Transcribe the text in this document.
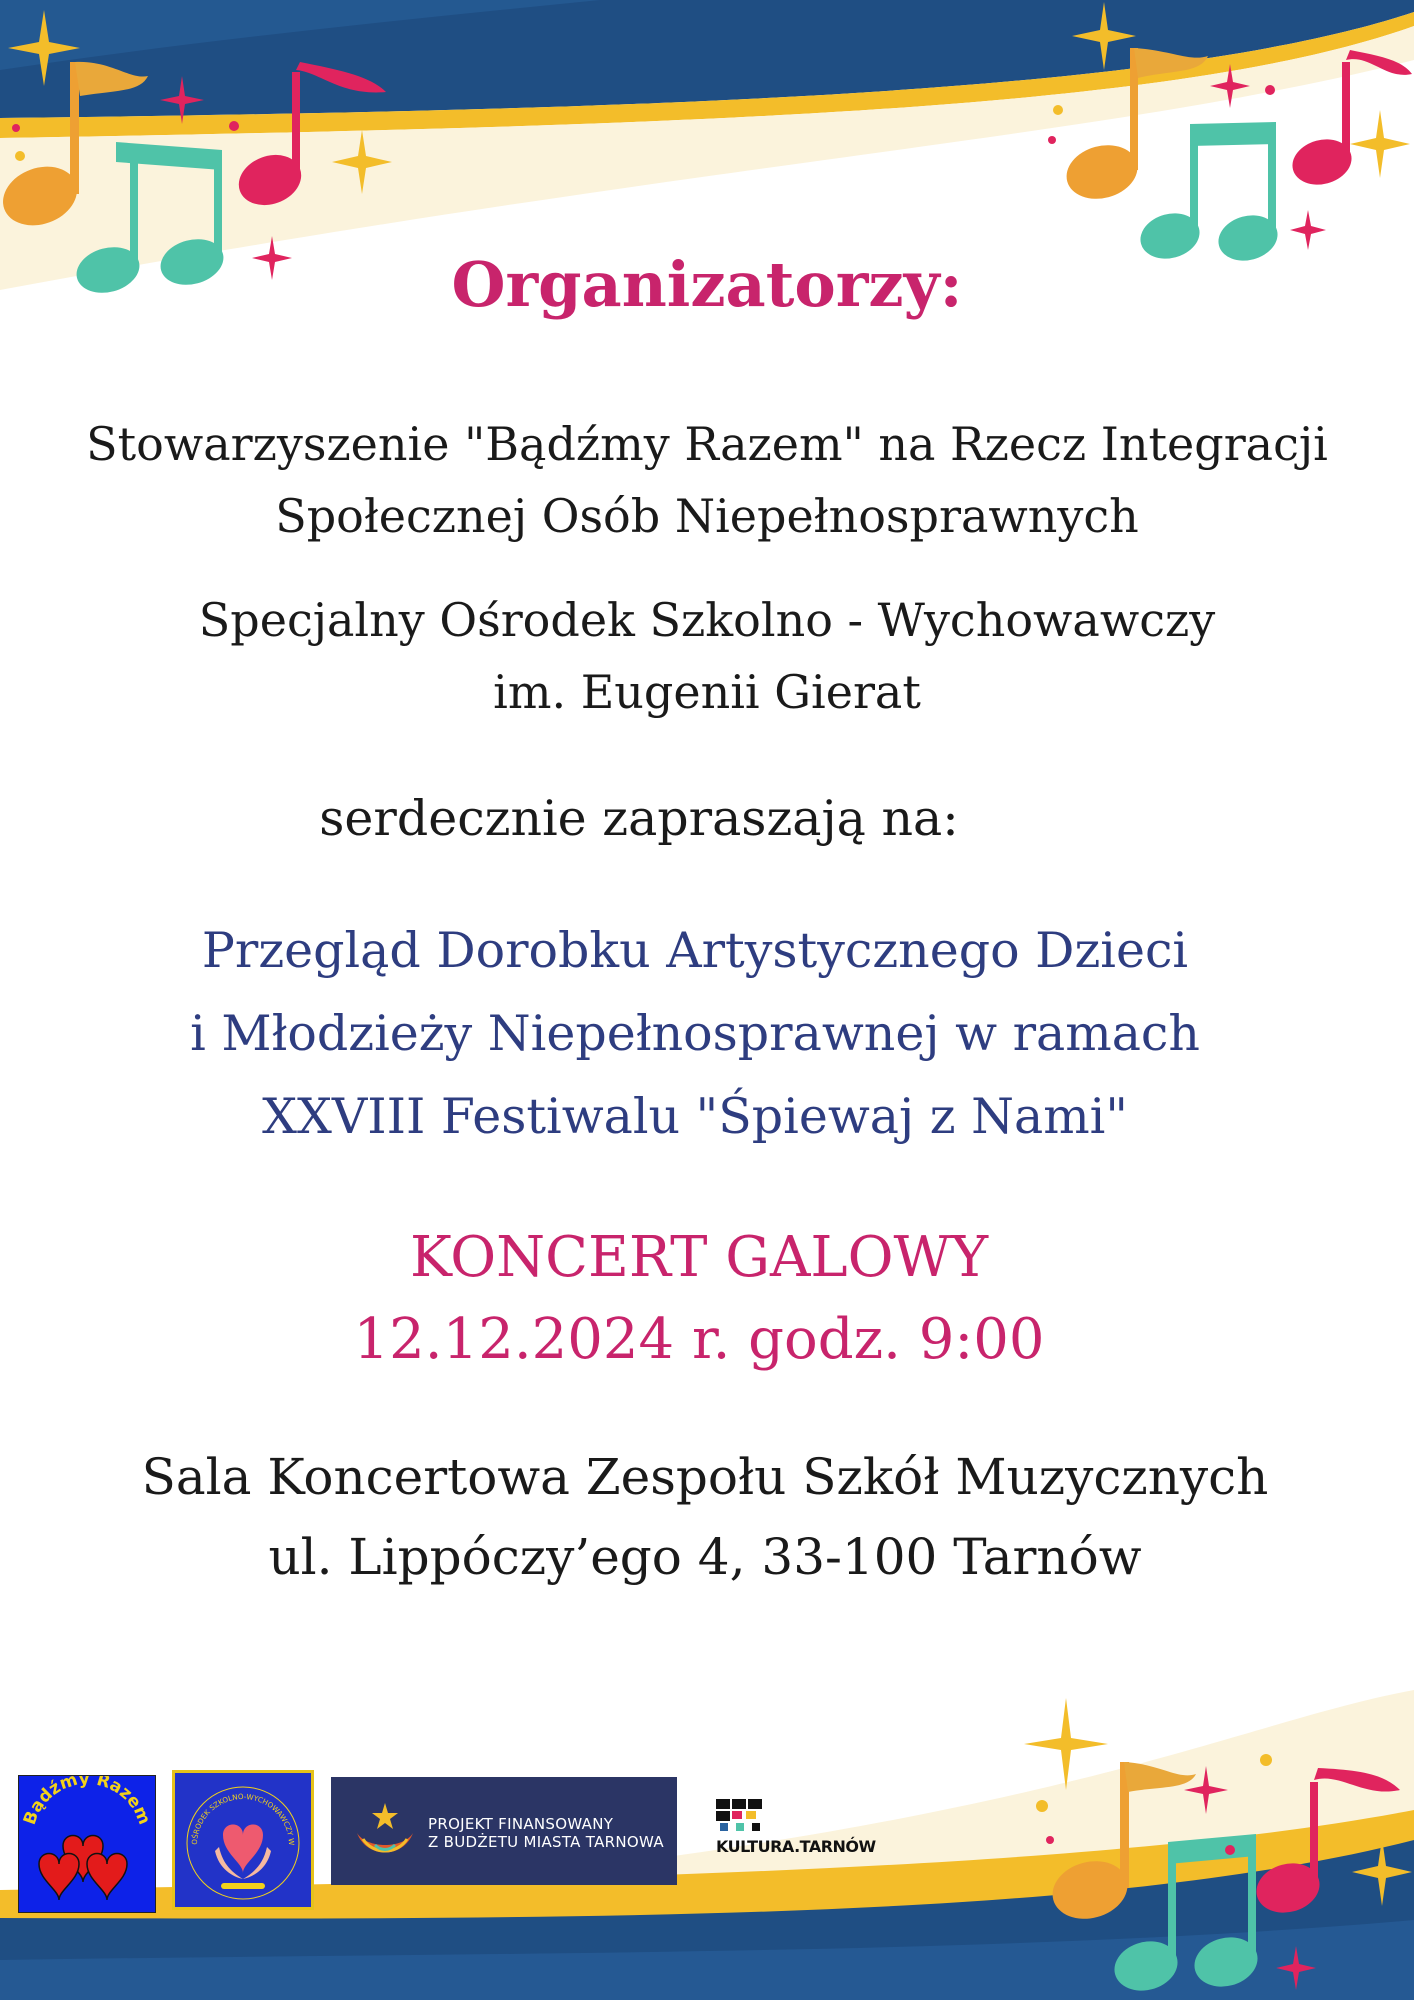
Organizatorzy:
Stowarzyszenie "Bądźmy Razem" na Rzecz Integracji
Społecznej Osób Niepełnosprawnych
Specjalny Ośrodek Szkolno - Wychowawczy
im. Eugenii Gierat
serdecznie zapraszają na:
Przegląd Dorobku Artystycznego Dzieci
i Młodzieży Niepełnosprawnej w ramach
XXVIII Festiwalu "Śpiewaj z Nami"
KONCERT GALOWY
12.12.2024 r. godz. 9:00
Sala Koncertowa Zespołu Szkół Muzycznych
ul. Lippóczy’ego 4, 33-100 Tarnów
Bądźmy Razem
OŚRODEK SZKOLNO-WYCHOWAWCZY W
PROJEKT FINANSOWANY
Z BUDŻETU MIASTA TARNOWA	KULTURA.TARNÓW
